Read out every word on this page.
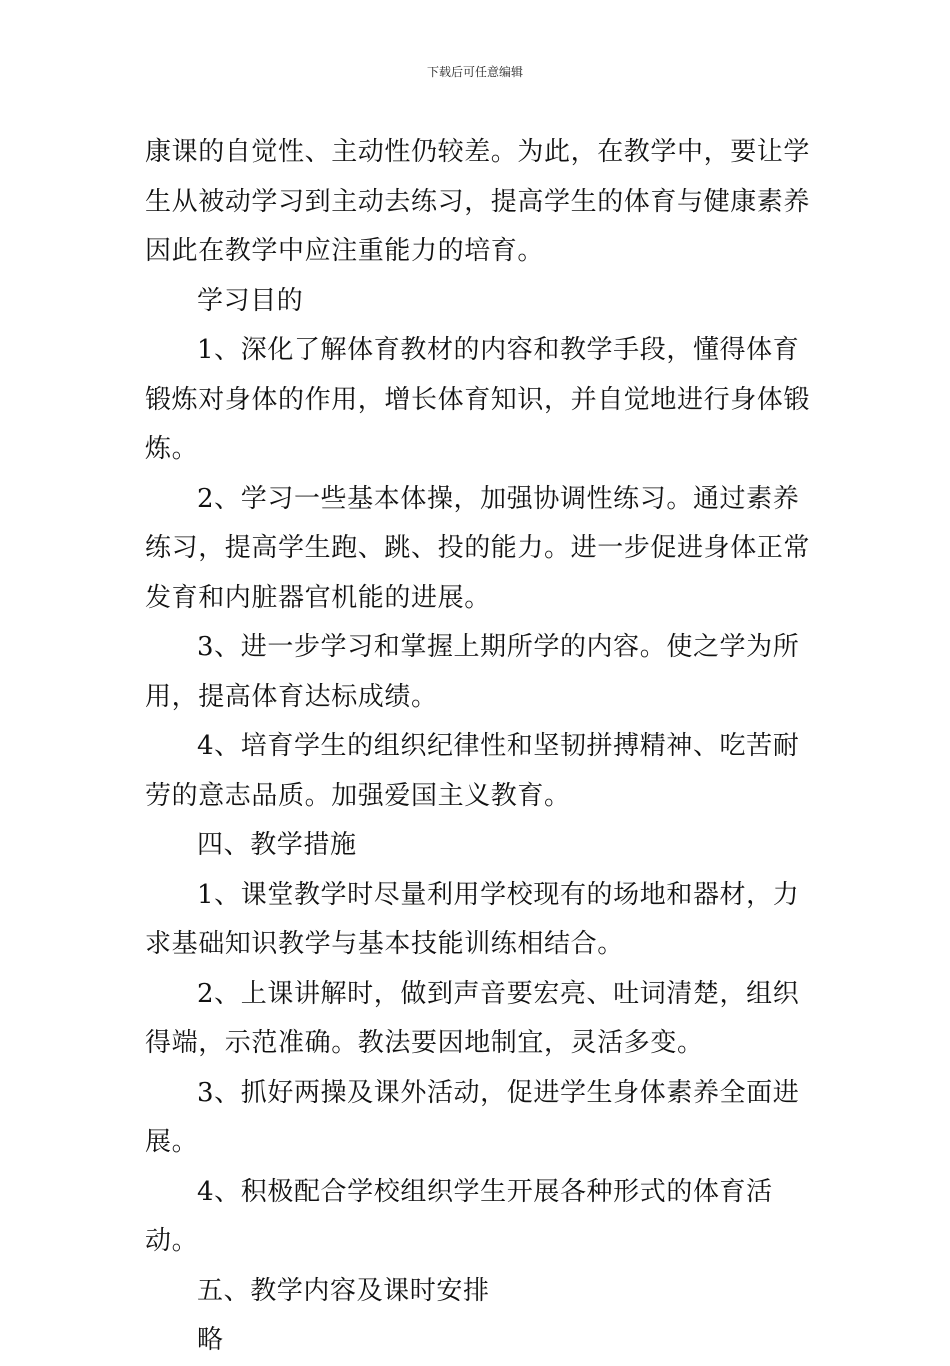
下载后可任意编辑

康课的自觉性、主动性仍较差。为此，在教学中，要让学生从被动学习到主动去练习，提高学生的体育与健康素养因此在教学中应注重能力的培育。

学习目的

1、深化了解体育教材的内容和教学手段，懂得体育锻炼对身体的作用，增长体育知识，并自觉地进行身体锻炼。

2、学习一些基本体操，加强协调性练习。通过素养练习，提高学生跑、跳、投的能力。进一步促进身体正常发育和内脏器官机能的进展。

3、进一步学习和掌握上期所学的内容。使之学为所用，提高体育达标成绩。

4、培育学生的组织纪律性和坚韧拼搏精神、吃苦耐劳的意志品质。加强爱国主义教育。

四、教学措施

1、课堂教学时尽量利用学校现有的场地和器材，力求基础知识教学与基本技能训练相结合。

2、上课讲解时，做到声音要宏亮、吐词清楚，组织得端，示范准确。教法要因地制宜，灵活多变。

3、抓好两操及课外活动，促进学生身体素养全面进展。

4、积极配合学校组织学生开展各种形式的体育活动。

五、教学内容及课时安排

略
